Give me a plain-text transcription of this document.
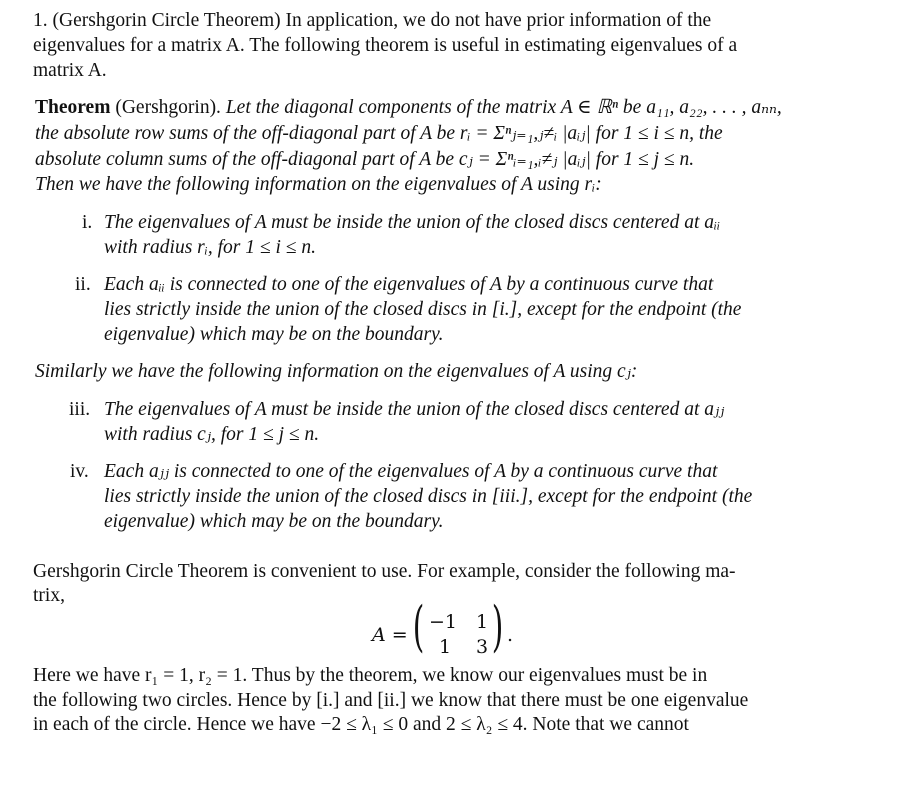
1. (Gershgorin Circle Theorem) In application, we do not have prior information of the
eigenvalues for a matrix A. The following theorem is useful in estimating eigenvalues of a
matrix A.
Theorem (Gershgorin). Let the diagonal components of the matrix A ∈ ℝⁿ be a₁₁, a₂₂, . . . , aₙₙ,
the absolute row sums of the off-diagonal part of A be rᵢ = Σⁿⱼ₌₁,ⱼ≠ᵢ |aᵢⱼ| for 1 ≤ i ≤ n, the
absolute column sums of the off-diagonal part of A be cⱼ = Σⁿᵢ₌₁,ᵢ≠ⱼ |aᵢⱼ| for 1 ≤ j ≤ n.
Then we have the following information on the eigenvalues of A using rᵢ:
i. The eigenvalues of A must be inside the union of the closed discs centered at aᵢᵢ
with radius rᵢ, for 1 ≤ i ≤ n.
ii. Each aᵢᵢ is connected to one of the eigenvalues of A by a continuous curve that
lies strictly inside the union of the closed discs in [i.], except for the endpoint (the
eigenvalue) which may be on the boundary.
Similarly we have the following information on the eigenvalues of A using cⱼ:
iii. The eigenvalues of A must be inside the union of the closed discs centered at aⱼⱼ
with radius cⱼ, for 1 ≤ j ≤ n.
iv. Each aⱼⱼ is connected to one of the eigenvalues of A by a continuous curve that
lies strictly inside the union of the closed discs in [iii.], except for the endpoint (the
eigenvalue) which may be on the boundary.
Gershgorin Circle Theorem is convenient to use. For example, consider the following ma-
trix,
A = ( −1 1
1 3 ) .
Here we have r₁ = 1, r₂ = 1. Thus by the theorem, we know our eigenvalues must be in
the following two circles. Hence by [i.] and [ii.] we know that there must be one eigenvalue
in each of the circle. Hence we have −2 ≤ λ₁ ≤ 0 and 2 ≤ λ₂ ≤ 4. Note that we cannot
